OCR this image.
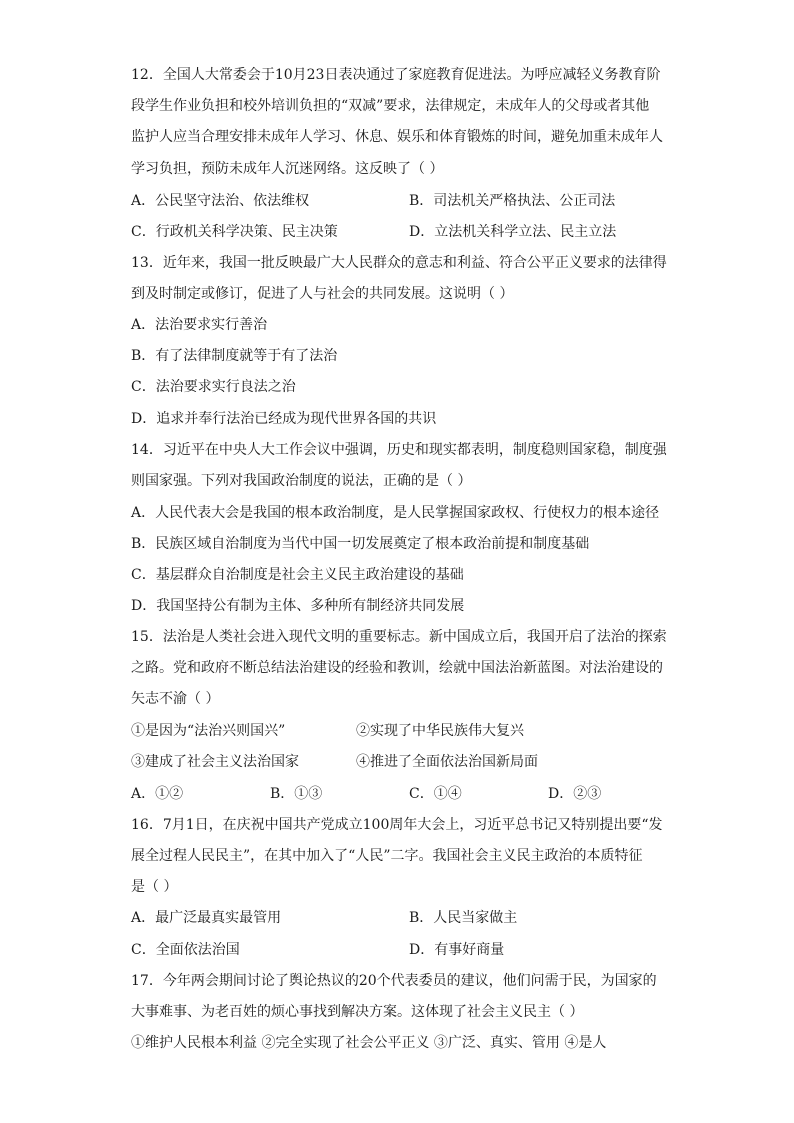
12．全国人大常委会于10月23日表决通过了家庭教育促进法。为呼应减轻义务教育阶
段学生作业负担和校外培训负担的“双减”要求，法律规定，未成年人的父母或者其他
监护人应当合理安排未成年人学习、休息、娱乐和体育锻炼的时间，避免加重未成年人
学习负担，预防未成年人沉迷网络。这反映了（ ）
A．公民坚守法治、依法维权	B．司法机关严格执法、公正司法
C．行政机关科学决策、民主决策	D．立法机关科学立法、民主立法
13．近年来，我国一批反映最广大人民群众的意志和利益、符合公平正义要求的法律得
到及时制定或修订，促进了人与社会的共同发展。这说明（ ）
A．法治要求实行善治
B．有了法律制度就等于有了法治
C．法治要求实行良法之治
D．追求并奉行法治已经成为现代世界各国的共识
14．习近平在中央人大工作会议中强调，历史和现实都表明，制度稳则国家稳，制度强
则国家强。下列对我国政治制度的说法，正确的是（ ）
A．人民代表大会是我国的根本政治制度，是人民掌握国家政权、行使权力的根本途径
B．民族区域自治制度为当代中国一切发展奠定了根本政治前提和制度基础
C．基层群众自治制度是社会主义民主政治建设的基础
D．我国坚持公有制为主体、多种所有制经济共同发展
15．法治是人类社会进入现代文明的重要标志。新中国成立后，我国开启了法治的探索
之路。党和政府不断总结法治建设的经验和教训，绘就中国法治新蓝图。对法治建设的
矢志不渝（ ）
①是因为“法治兴则国兴”	②实现了中华民族伟大复兴
③建成了社会主义法治国家	④推进了全面依法治国新局面
A．①②	B．①③	C．①④	D．②③
16．7月1日，在庆祝中国共产党成立100周年大会上，习近平总书记又特别提出要“发
展全过程人民民主”，在其中加入了“人民”二字。我国社会主义民主政治的本质特征
是（ ）
A．最广泛最真实最管用	B．人民当家做主
C．全面依法治国	D．有事好商量
17．今年两会期间讨论了舆论热议的20个代表委员的建议，他们问需于民，为国家的
大事难事、为老百姓的烦心事找到解决方案。这体现了社会主义民主（ ）
①维护人民根本利益 ②完全实现了社会公平正义 ③广泛、真实、管用 ④是人
